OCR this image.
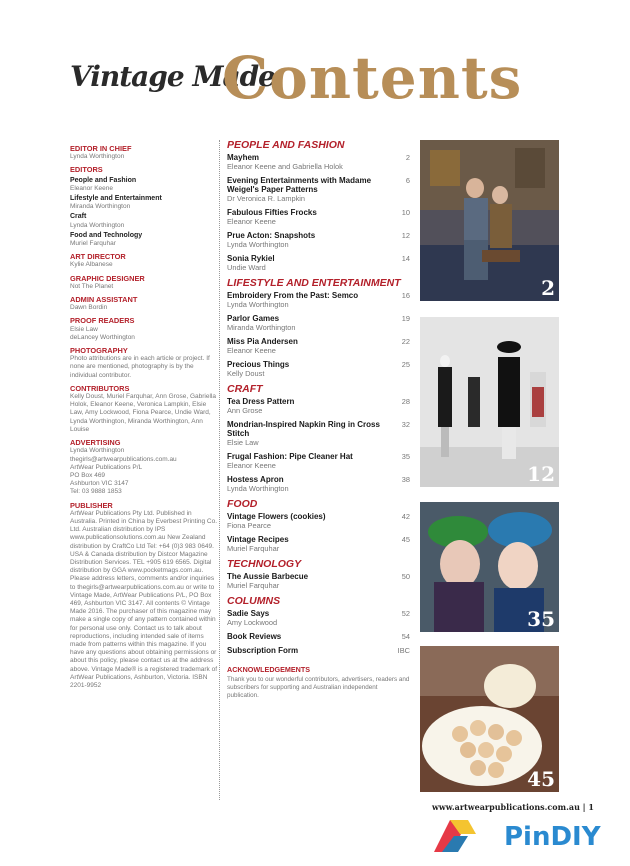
Vintage Made
Contents
EDITOR IN CHIEF
Lynda Worthington
EDITORS
People and Fashion
Eleanor Keene
Lifestyle and Entertainment
Miranda Worthington
Craft
Lynda Worthington
Food and Technology
Muriel Farquhar
ART DIRECTOR
Kylie Albanese
GRAPHIC DESIGNER
Not The Planet
ADMIN ASSISTANT
Dawn Bordin
PROOF READERS
Elsie Law
deLancey Worthington
PHOTOGRAPHY
Photo attributions are in each article or project. If none are mentioned, photography is by the individual contributor.
CONTRIBUTORS
Kelly Doust, Muriel Farquhar, Ann Grose, Gabriella Holok, Eleanor Keene, Veronica Lampkin, Elsie Law, Amy Lockwood, Fiona Pearce, Undie Ward, Lynda Worthington, Miranda Worthington, Ann Louise
ADVERTISING
Lynda Worthington
thegirls@artwearpublications.com.au
ArtWear Publications P/L
PO Box 469
Ashburton VIC 3147
Tel: 03 9888 1853
PUBLISHER
ArtWear Publications Pty Ltd. Published in Australia. Printed in China by Everbest Printing Co. Ltd. Australian distribution by IPS www.publicationsolutions.com.au New Zealand distribution by CraftCo Ltd Tel: +64 (0)3 983 0649. USA & Canada distribution by Distcor Magazine Distribution Services. TEL +905 619 6565. Digital distribution by GGA www.pocketmags.com.au. Please address letters, comments and/or inquiries to thegirls@artwearpublications.com.au or write to Vintage Made, ArtWear Publications P/L, PO Box 469, Ashburton VIC 3147. All contents © Vintage Made 2016. The purchaser of this magazine may make a single copy of any pattern contained within for personal use only. Contact us to talk about reproductions, including intended sale of items made from patterns within this magazine. If you have any questions about obtaining permissions or about this policy, please contact us at the address above. Vintage Made® is a registered trademark of ArtWear Publications, Ashburton, Victoria. ISBN 2201-9952
PEOPLE AND FASHION
Mayhem
Eleanor Keene and Gabriella Holok
2
Evening Entertainments with Madame Weigel's Paper Patterns
Dr Veronica R. Lampkin
6
Fabulous Fifties Frocks
Eleanor Keene
10
Prue Acton: Snapshots
Lynda Worthington
12
Sonia Rykiel
Undie Ward
14
LIFESTYLE AND ENTERTAINMENT
Embroidery From the Past: Semco
Lynda Worthington
16
Parlor Games
Miranda Worthington
19
Miss Pia Andersen
Eleanor Keene
22
Precious Things
Kelly Doust
25
CRAFT
Tea Dress Pattern
Ann Grose
28
Mondrian-Inspired Napkin Ring in Cross Stitch
Elsie Law
32
Frugal Fashion: Pipe Cleaner Hat
Eleanor Keene
35
Hostess Apron
Lynda Worthington
38
FOOD
Vintage Flowers (cookies)
Fiona Pearce
42
Vintage Recipes
Muriel Farquhar
45
TECHNOLOGY
The Aussie Barbecue
Muriel Farquhar
50
COLUMNS
Sadie Says
Amy Lockwood
52
Book Reviews	54
Subscription Form	IBC
ACKNOWLEDGEMENTS
Thank you to our wonderful contributors, advertisers, readers and subscribers for supporting and Australian independent publication.
2
12
35
45
www.artwearpublications.com.au | 1
PinDIY
